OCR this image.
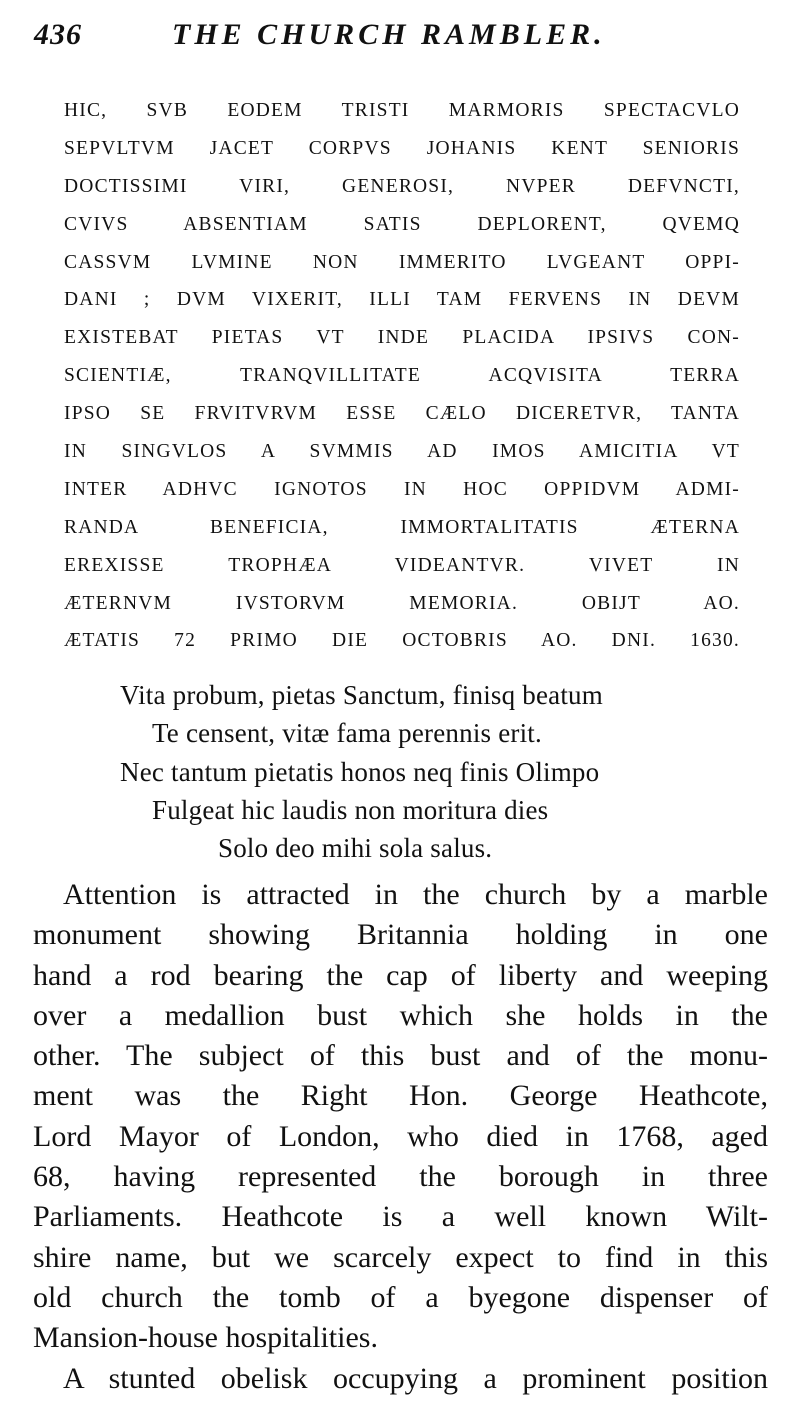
436	THE CHURCH RAMBLER.
HIC, SVB EODEM TRISTI MARMORIS SPECTACVLO
SEPVLTVM JACET CORPVS JOHANIS KENT SENIORIS
DOCTISSIMI VIRI, GENEROSI, NVPER DEFVNCTI,
CVIVS ABSENTIAM SATIS DEPLORENT, QVEMQ
CASSVM LVMINE NON IMMERITO LVGEANT OPPI-
DANI ; DVM VIXERIT, ILLI TAM FERVENS IN DEVM
EXISTEBAT PIETAS VT INDE PLACIDA IPSIVS CON-
SCIENTIÆ, TRANQVILLITATE ACQVISITA TERRA
IPSO SE FRVITVRVM ESSE CÆLO DICERETVR, TANTA
IN SINGVLOS A SVMMIS AD IMOS AMICITIA VT
INTER ADHVC IGNOTOS IN HOC OPPIDVM ADMI-
RANDA BENEFICIA, IMMORTALITATIS ÆTERNA
EREXISSE TROPHÆA VIDEANTVR. VIVET IN
ÆTERNVM IVSTORVM MEMORIA. OBIJT AO.
ÆTATIS 72 PRIMO DIE OCTOBRIS AO. DNI. 1630.
Vita probum, pietas Sanctum, finisq beatum
Te censent, vitæ fama perennis erit.
Nec tantum pietatis honos neq finis Olimpo
Fulgeat hic laudis non moritura dies
Solo deo mihi sola salus.
Attention is attracted in the church by a marble
monument showing Britannia holding in one
hand a rod bearing the cap of liberty and weeping
over a medallion bust which she holds in the
other. The subject of this bust and of the monu-
ment was the Right Hon. George Heathcote,
Lord Mayor of London, who died in 1768, aged
68, having represented the borough in three
Parliaments. Heathcote is a well known Wilt-
shire name, but we scarcely expect to find in this
old church the tomb of a byegone dispenser of
Mansion-house hospitalities.
A stunted obelisk occupying a prominent position
